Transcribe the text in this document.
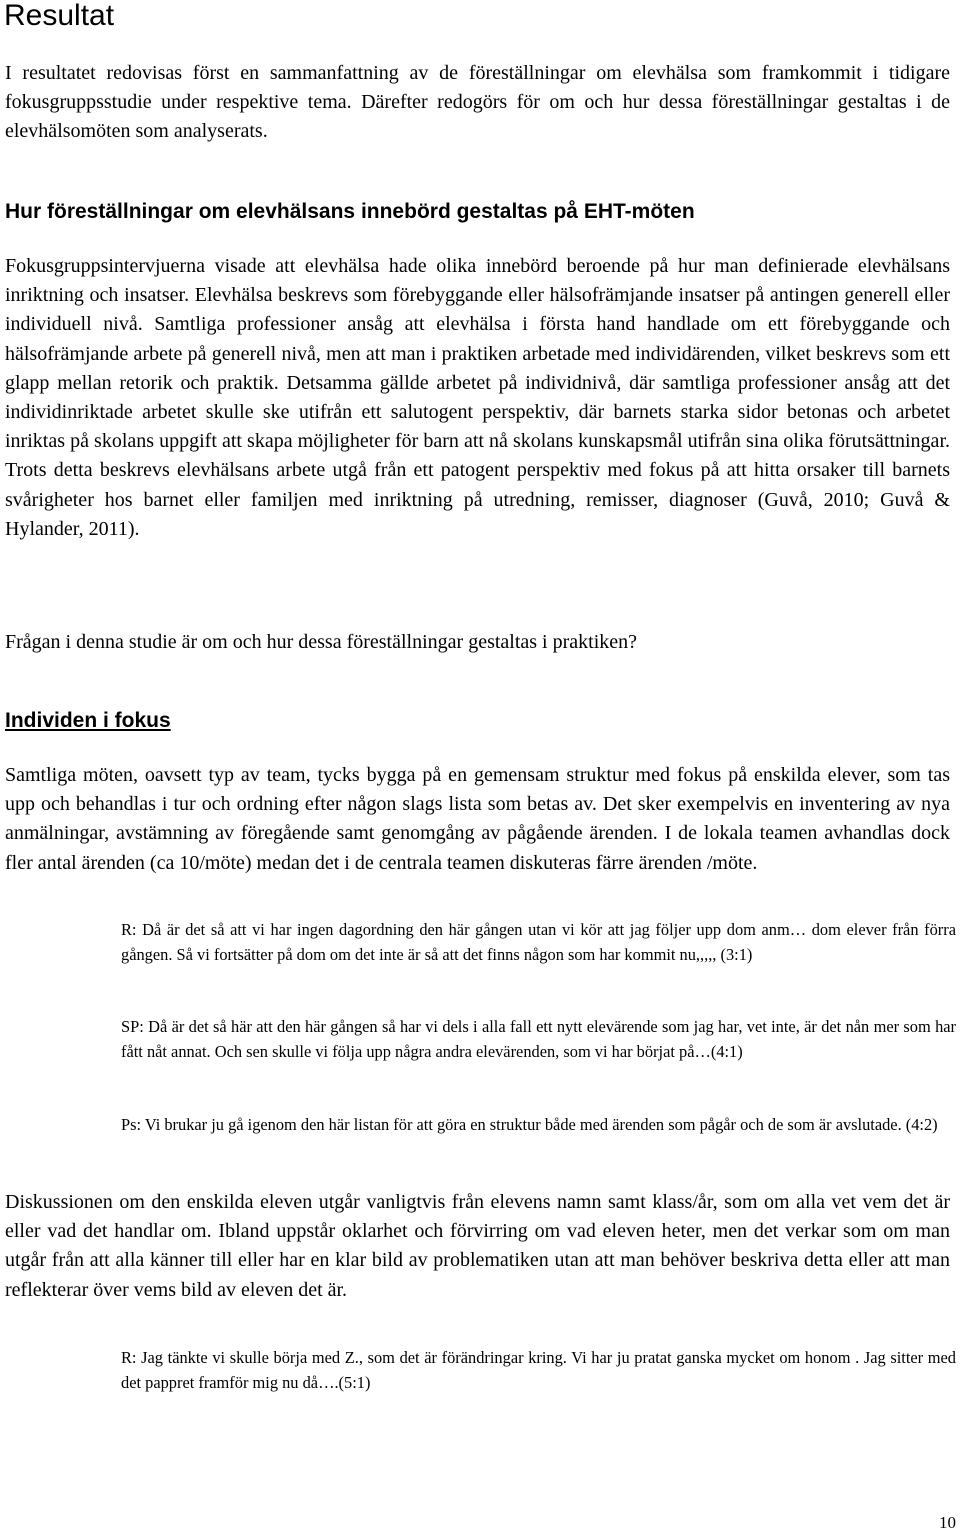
Resultat

I resultatet redovisas först en sammanfattning av de föreställningar om elevhälsa som framkommit i tidigare fokusgruppsstudie under respektive tema. Därefter redogörs för om och hur dessa föreställningar gestaltas i de elevhälsomöten som analyserats.

Hur föreställningar om elevhälsans innebörd gestaltas på EHT-möten

Fokusgruppsintervjuerna visade att elevhälsa hade olika innebörd beroende på hur man definierade elevhälsans inriktning och insatser. Elevhälsa beskrevs som förebyggande eller hälsofrämjande insatser på antingen generell eller individuell nivå. Samtliga professioner ansåg att elevhälsa i första hand handlade om ett förebyggande och hälsofrämjande arbete på generell nivå, men att man i praktiken arbetade med individärenden, vilket beskrevs som ett glapp mellan retorik och praktik. Detsamma gällde arbetet på individnivå, där samtliga professioner ansåg att det individinriktade arbetet skulle ske utifrån ett salutogent perspektiv, där barnets starka sidor betonas och arbetet inriktas på skolans uppgift att skapa möjligheter för barn att nå skolans kunskapsmål utifrån sina olika förutsättningar. Trots detta beskrevs elevhälsans arbete utgå från ett patogent perspektiv med fokus på att hitta orsaker till barnets svårigheter hos barnet eller familjen med inriktning på utredning, remisser, diagnoser (Guvå, 2010; Guvå & Hylander, 2011).

Frågan i denna studie är om och hur dessa föreställningar gestaltas i praktiken?

Individen i fokus

Samtliga möten, oavsett typ av team, tycks bygga på en gemensam struktur med fokus på enskilda elever, som tas upp och behandlas i tur och ordning efter någon slags lista som betas av. Det sker exempelvis en inventering av nya anmälningar, avstämning av föregående samt genomgång av pågående ärenden. I de lokala teamen avhandlas dock fler antal ärenden (ca 10/möte) medan det i de centrala teamen diskuteras färre ärenden /möte.

R: Då är det så att vi har ingen dagordning den här gången utan vi kör att jag följer upp dom anm… dom elever från förra gången. Så vi fortsätter på dom om det inte är så att det finns någon som har kommit nu,,,,, (3:1)

SP: Då är det så här att den här gången så har vi dels i alla fall ett nytt elevärende som jag har, vet inte, är det nån mer som har fått nåt annat. Och sen skulle vi följa upp några andra elevärenden, som vi har börjat på…(4:1)

Ps: Vi brukar ju gå igenom den här listan för att göra en struktur både med ärenden som pågår och de som är avslutade. (4:2)

Diskussionen om den enskilda eleven utgår vanligtvis från elevens namn samt klass/år, som om alla vet vem det är eller vad det handlar om. Ibland uppstår oklarhet och förvirring om vad eleven heter, men det verkar som om man utgår från att alla känner till eller har en klar bild av problematiken utan att man behöver beskriva detta eller att man reflekterar över vems bild av eleven det är.

R: Jag tänkte vi skulle börja med Z., som det är förändringar kring. Vi har ju pratat ganska mycket om honom . Jag sitter med det pappret framför mig nu då….(5:1)

10
